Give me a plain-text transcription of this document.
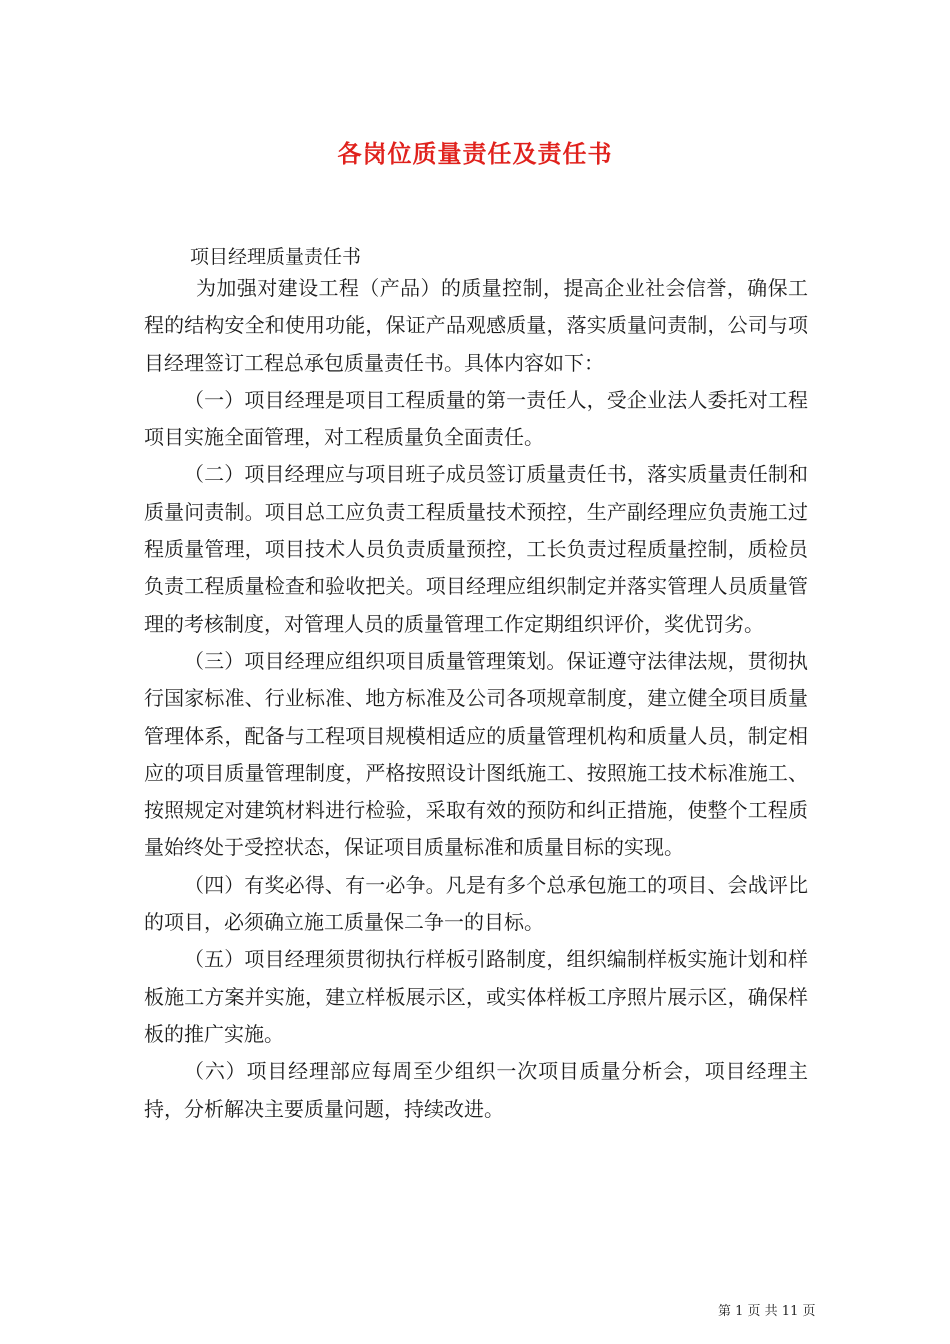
各岗位质量责任及责任书

项目经理质量责任书

为加强对建设工程（产品）的质量控制，提高企业社会信誉，确保工程的结构安全和使用功能，保证产品观感质量，落实质量问责制，公司与项目经理签订工程总承包质量责任书。具体内容如下：

（一）项目经理是项目工程质量的第一责任人，受企业法人委托对工程项目实施全面管理，对工程质量负全面责任。

（二）项目经理应与项目班子成员签订质量责任书，落实质量责任制和质量问责制。项目总工应负责工程质量技术预控，生产副经理应负责施工过程质量管理，项目技术人员负责质量预控，工长负责过程质量控制，质检员负责工程质量检查和验收把关。项目经理应组织制定并落实管理人员质量管理的考核制度，对管理人员的质量管理工作定期组织评价，奖优罚劣。

（三）项目经理应组织项目质量管理策划。保证遵守法律法规，贯彻执行国家标准、行业标准、地方标准及公司各项规章制度，建立健全项目质量管理体系，配备与工程项目规模相适应的质量管理机构和质量人员，制定相应的项目质量管理制度，严格按照设计图纸施工、按照施工技术标准施工、按照规定对建筑材料进行检验，采取有效的预防和纠正措施，使整个工程质量始终处于受控状态，保证项目质量标准和质量目标的实现。

（四）有奖必得、有一必争。凡是有多个总承包施工的项目、会战评比的项目，必须确立施工质量保二争一的目标。

（五）项目经理须贯彻执行样板引路制度，组织编制样板实施计划和样板施工方案并实施，建立样板展示区，或实体样板工序照片展示区，确保样板的推广实施。

（六）项目经理部应每周至少组织一次项目质量分析会，项目经理主持，分析解决主要质量问题，持续改进。

第 1 页 共 11 页
